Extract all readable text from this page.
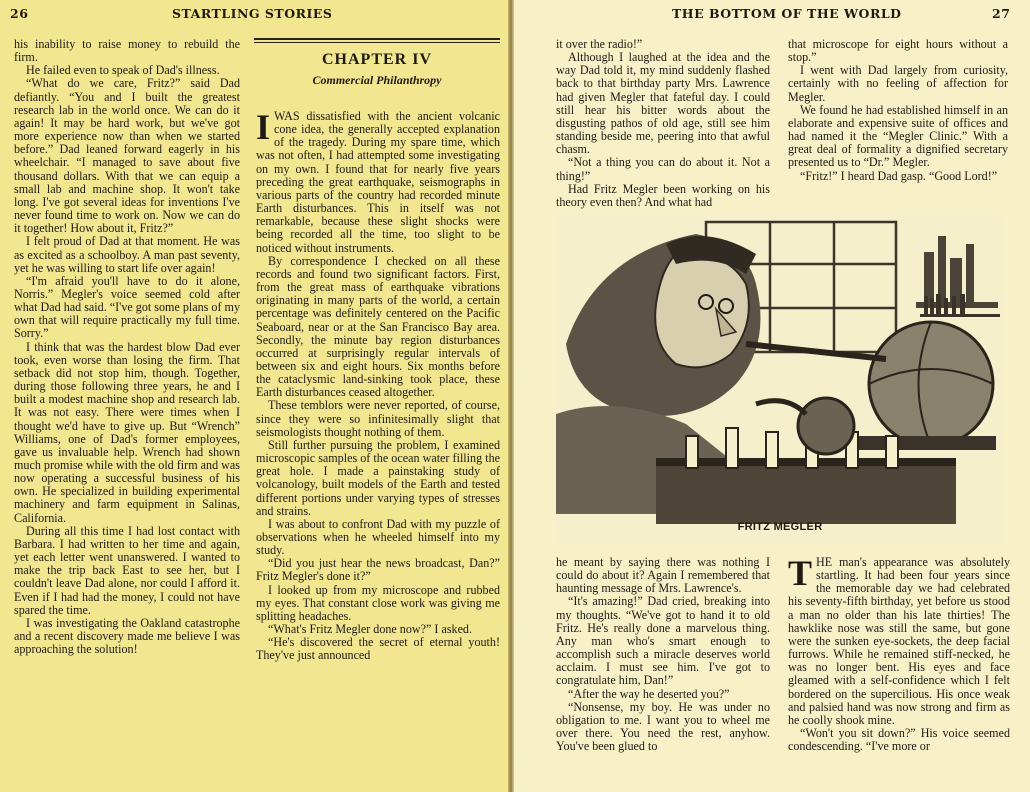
26	STARTLING STORIES

his inability to raise money to rebuild the firm.

He failed even to speak of Dad's illness.

“What do we care, Fritz?” said Dad defiantly. “You and I built the greatest research lab in the world once. We can do it again! It may be hard work, but we've got more experience now than when we started before.” Dad leaned forward eagerly in his wheelchair. “I managed to save about five thousand dollars. With that we can equip a small lab and machine shop. It won't take long. I've got several ideas for inventions I've never found time to work on. Now we can do it together! How about it, Fritz?”

I felt proud of Dad at that moment. He was as excited as a schoolboy. A man past seventy, yet he was willing to start life over again!

“I'm afraid you'll have to do it alone, Norris.” Megler's voice seemed cold after what Dad had said. “I've got some plans of my own that will require practically my full time. Sorry.”

I think that was the hardest blow Dad ever took, even worse than losing the firm. That setback did not stop him, though. Together, during those following three years, he and I built a modest machine shop and research lab. It was not easy. There were times when I thought we'd have to give up. But “Wrench” Williams, one of Dad's former employees, gave us invaluable help. Wrench had shown much promise while with the old firm and was now operating a successful business of his own. He specialized in building experimental machinery and farm equipment in Salinas, California.

During all this time I had lost contact with Barbara. I had written to her time and again, yet each letter went unanswered. I wanted to make the trip back East to see her, but I couldn't leave Dad alone, nor could I afford it. Even if I had had the money, I could not have spared the time.

I was investigating the Oakland catastrophe and a recent discovery made me believe I was approaching the solution!

CHAPTER IV
Commercial Philanthropy

IWAS dissatisfied with the ancient volcanic cone idea, the generally accepted explanation of the tragedy. During my spare time, which was not often, I had attempted some investigating on my own. I found that for nearly five years preceding the great earthquake, seismographs in various parts of the country had recorded minute Earth disturbances. This in itself was not remarkable, because these slight shocks were being recorded all the time, too slight to be noticed without instruments.

By correspondence I checked on all these records and found two significant factors. First, from the great mass of earthquake vibrations originating in many parts of the world, a certain percentage was definitely centered on the Pacific Seaboard, near or at the San Francisco Bay area. Secondly, the minute bay region disturbances occurred at surprisingly regular intervals of between six and eight hours. Six months before the cataclysmic land-sinking took place, these Earth disturbances ceased altogether.

These temblors were never reported, of course, since they were so infinitesimally slight that seismologists thought nothing of them.

Still further pursuing the problem, I examined microscopic samples of the ocean water filling the great hole. I made a painstaking study of volcanology, built models of the Earth and tested different portions under varying types of stresses and strains.

I was about to confront Dad with my puzzle of observations when he wheeled himself into my study.

“Did you just hear the news broadcast, Dan?” Fritz Megler's done it?”

I looked up from my microscope and rubbed my eyes. That constant close work was giving me splitting headaches.

“What's Fritz Megler done now?” I asked.

“He's discovered the secret of eternal youth! They've just announced

THE BOTTOM OF THE WORLD	27

it over the radio!”

Although I laughed at the idea and the way Dad told it, my mind suddenly flashed back to that birthday party Mrs. Lawrence had given Megler that fateful day. I could still hear his bitter words about the disgusting pathos of old age, still see him standing beside me, peering into that awful chasm.

“Not a thing you can do about it. Not a thing!”

Had Fritz Megler been working on his theory even then? And what had

that microscope for eight hours without a stop.”

I went with Dad largely from curiosity, certainly with no feeling of affection for Megler.

We found he had established himself in an elaborate and expensive suite of offices and had named it the “Megler Clinic.” With a great deal of formality a dignified secretary presented us to “Dr.” Megler.

“Fritz!” I heard Dad gasp. “Good Lord!”

he meant by saying there was nothing I could do about it? Again I remembered that haunting message of Mrs. Lawrence's.

“It's amazing!” Dad cried, breaking into my thoughts. “We've got to hand it to old Fritz. He's really done a marvelous thing. Any man who's smart enough to accomplish such a miracle deserves world acclaim. I must see him. I've got to congratulate him, Dan!”

“After the way he deserted you?”

“Nonsense, my boy. He was under no obligation to me. I want you to wheel me over there. You need the rest, anyhow. You've been glued to

THE man's appearance was absolutely startling. It had been four years since the memorable day we had celebrated his seventy-fifth birthday, yet before us stood a man no older than his late thirties! The hawklike nose was still the same, but gone were the sunken eye-sockets, the deep facial furrows. While he remained stiff-necked, he was no longer bent. His eyes and face gleamed with a self-confidence which I felt bordered on the supercilious. His once weak and palsied hand was now strong and firm as he coolly shook mine.

“Won't you sit down?” His voice seemed condescending. “I've more or

FRITZ MEGLER
